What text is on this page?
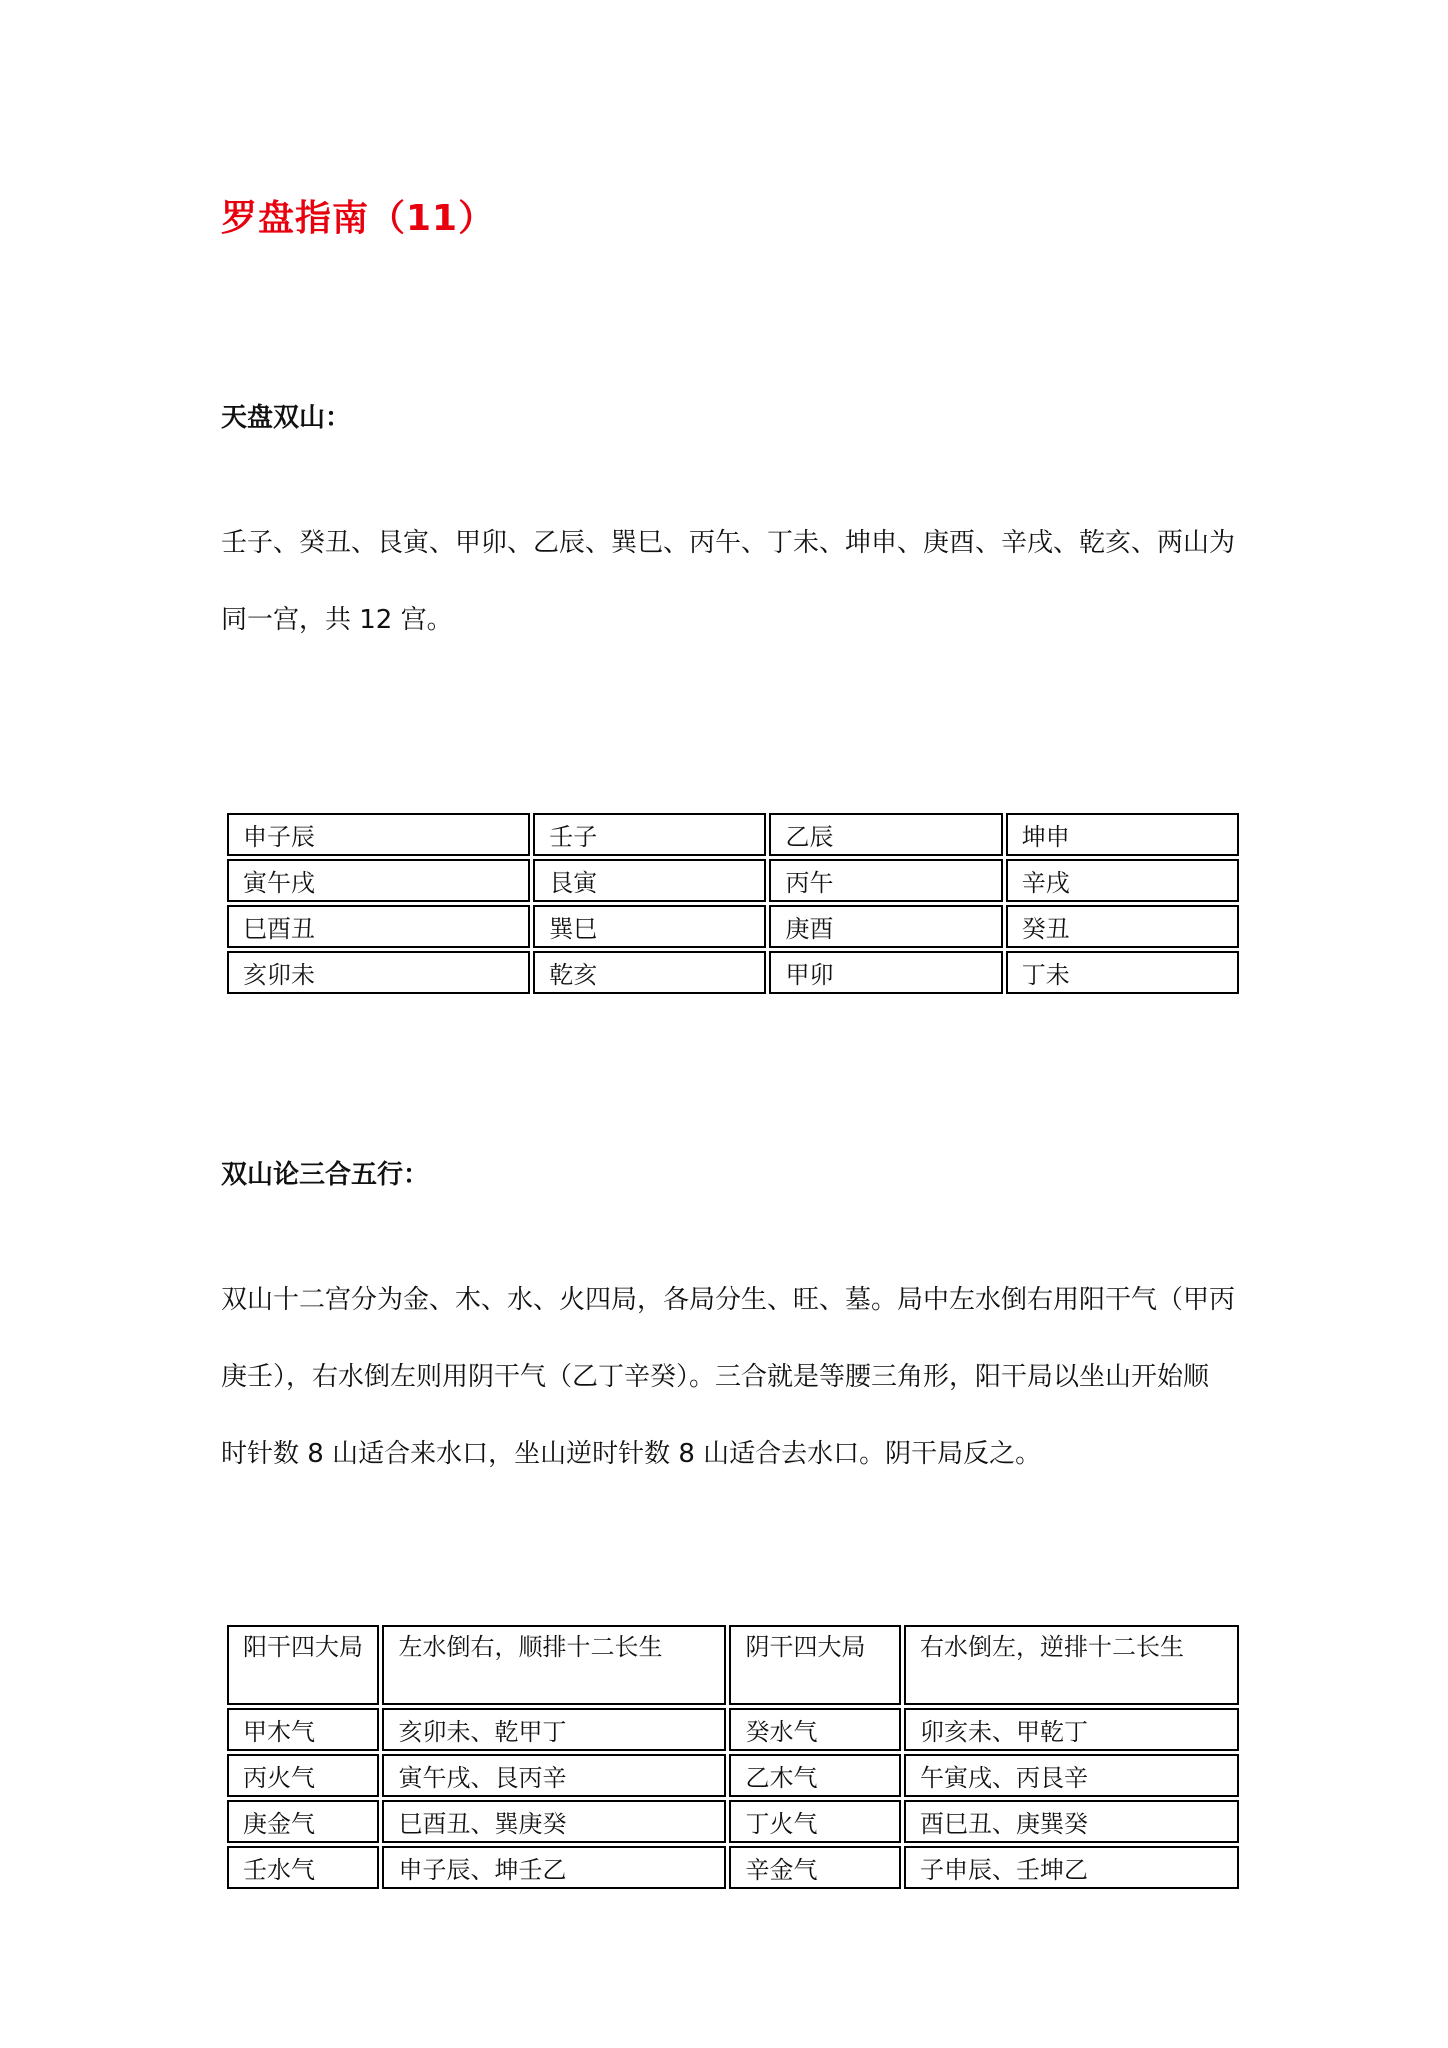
罗盘指南（11）
天盘双山：
壬子、癸丑、艮寅、甲卯、乙辰、巽巳、丙午、丁未、坤申、庚酉、辛戌、乾亥、两山为
同一宫，共 12 宫。
申子辰	壬子	乙辰	坤申
寅午戌	艮寅	丙午	辛戌
巳酉丑	巽巳	庚酉	癸丑
亥卯未	乾亥	甲卯	丁未
双山论三合五行：
双山十二宫分为金、木、水、火四局，各局分生、旺、墓。局中左水倒右用阳干气（甲丙
庚壬），右水倒左则用阴干气（乙丁辛癸）。三合就是等腰三角形，阳干局以坐山开始顺
时针数 8 山适合来水口，坐山逆时针数 8 山适合去水口。阴干局反之。
阳干四大局	左水倒右，顺排十二长生	阴干四大局	右水倒左，逆排十二长生
甲木气	亥卯未、乾甲丁	癸水气	卯亥未、甲乾丁
丙火气	寅午戌、艮丙辛	乙木气	午寅戌、丙艮辛
庚金气	巳酉丑、巽庚癸	丁火气	酉巳丑、庚巽癸
壬水气	申子辰、坤壬乙	辛金气	子申辰、壬坤乙
